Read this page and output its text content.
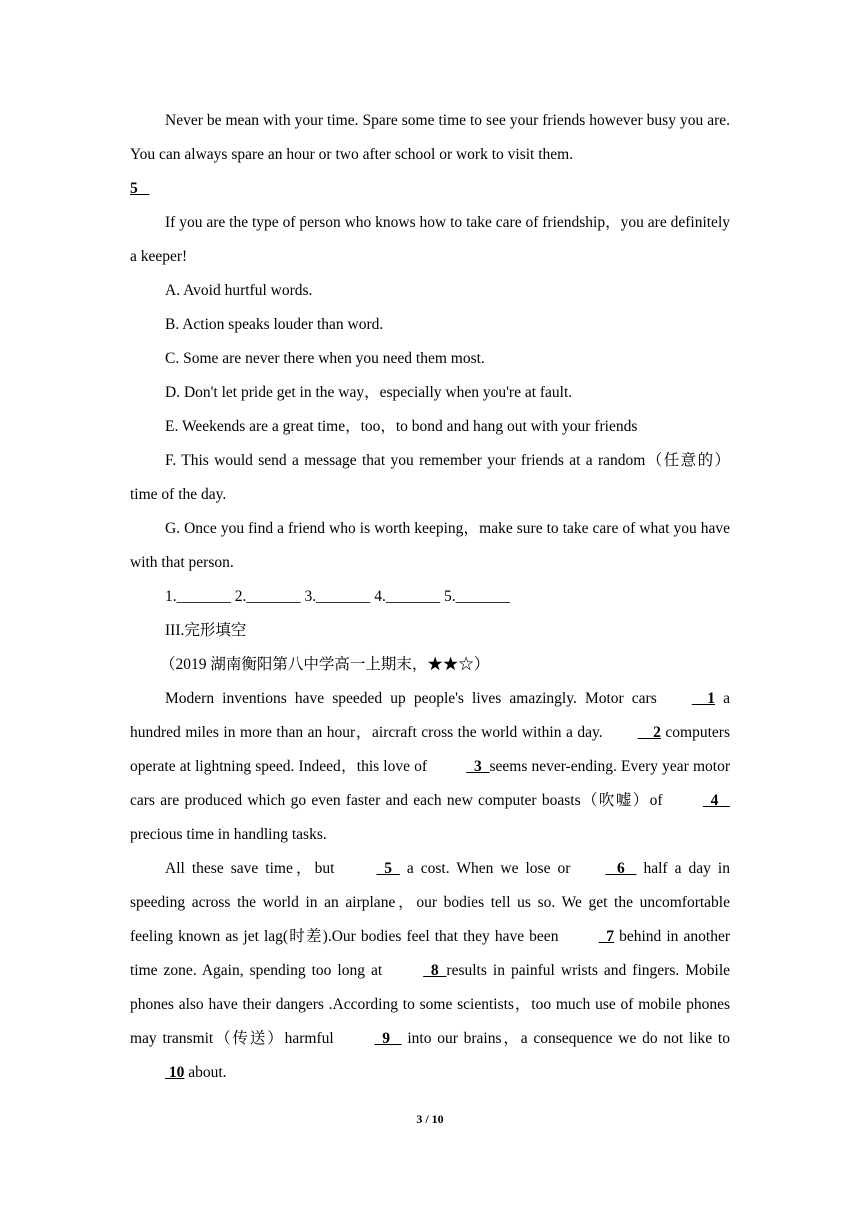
Never be mean with your time. Spare some time to see your friends however busy you are. You can always spare an hour or two after school or work to visit them.

5

If you are the type of person who knows how to take care of friendship，you are definitely a keeper!

A. Avoid hurtful words.

B. Action speaks louder than word.

C. Some are never there when you need them most.

D. Don't let pride get in the way，especially when you're at fault.

E. Weekends are a great time，too，to bond and hang out with your friends

F. This would send a message that you remember your friends at a random（任意的）time of the day.

G. Once you find a friend who is worth keeping，make sure to take care of what you have with that person.

1._______ 2._______ 3._______ 4._______ 5._______

III.完形填空

（2019 湖南衡阳第八中学高一上期末，★★☆）

Modern inventions have speeded up people's lives amazingly. Motor cars    1 a hundred miles in more than an hour，aircraft cross the world within a day.    2 computers operate at lightning speed. Indeed，this love of   3  seems never-ending. Every year motor cars are produced which go even faster and each new computer boasts（吹嘘）of   4   precious time in handling tasks.

All these save time，but   5   a cost. When we lose or   6    half a day in speeding across the world in an airplane，our bodies tell us so. We get the uncomfortable feeling known as jet lag(时差).Our bodies feel that they have been   7 behind in another time zone. Again, spending too long at   8  results in painful wrists and fingers. Mobile phones also have their dangers .According to some scientists，too much use of mobile phones may transmit（传送）harmful   9    into our brains，a consequence we do not like to 10 about.

3 / 10
